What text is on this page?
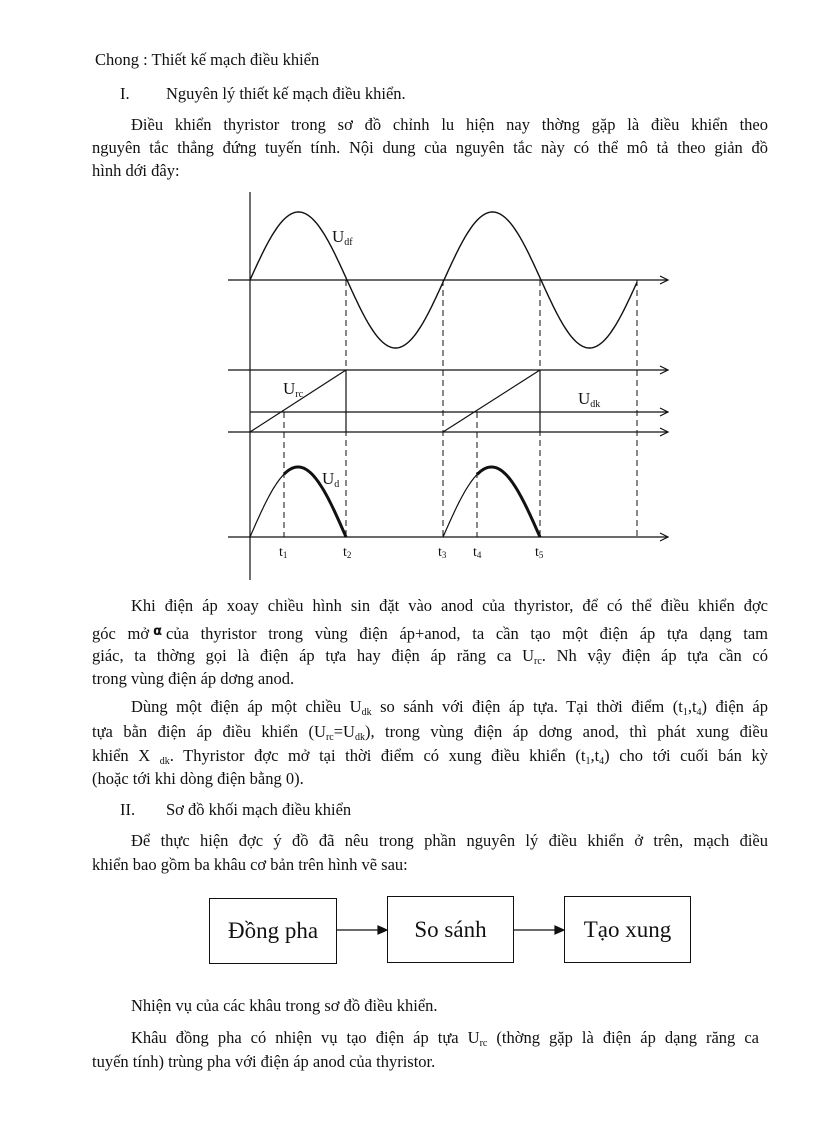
Chong : Thiết kế mạch điều khiển
I. Nguyên lý thiết kế mạch điều khiển.
Điều khiển thyristor trong sơ đồ chỉnh lu hiện nay thờng gặp là điều khiển theo
nguyên tắc thẳng đứng tuyến tính. Nội dung của nguyên tắc này có thể mô tả theo giản đồ
hình dới đây:
Udf
Urc	Udk
Ud
t1	t2	t3 t4	t5
Khi điện áp xoay chiều hình sin đặt vào anod của thyristor, để có thể điều khiển đợc
góc mở $^\alpha$ của thyristor trong vùng điện áp+anod, ta cần tạo một điện áp tựa dạng tam
giác, ta thờng gọi là điện áp tựa hay điện áp răng ca $U_{rc}$. Nh vậy điện áp tựa cần có
trong vùng điện áp dơng anod.
Dùng một điện áp một chiều $U_{dk}$ so sánh với điện áp tựa. Tại thời điểm $(t_1,t_4)$ điện áp
tựa bằn điện áp điều khiển $(U_{rc}=U_{dk})$, trong vùng điện áp dơng anod, thì phát xung điều
khiển X $_{dk}$. Thyristor đợc mở tại thời điểm có xung điều khiển $(t_1,t_4)$ cho tới cuối bán kỳ
(hoặc tới khi dòng điện bằng 0).
II. Sơ đồ khối mạch điều khiển
Để thực hiện đợc ý đồ đã nêu trong phần nguyên lý điều khiển ở trên, mạch điều
khiển bao gồm ba khâu cơ bản trên hình vẽ sau:
Đồng pha	So sánh	Tạo xung
Nhiện vụ của các khâu trong sơ đồ điều khiển.
Khâu đồng pha có nhiện vụ tạo điện áp tựa $U_{rc}$ (thờng gặp là điện áp dạng răng ca
tuyến tính) trùng pha với điện áp anod của thyristor.
